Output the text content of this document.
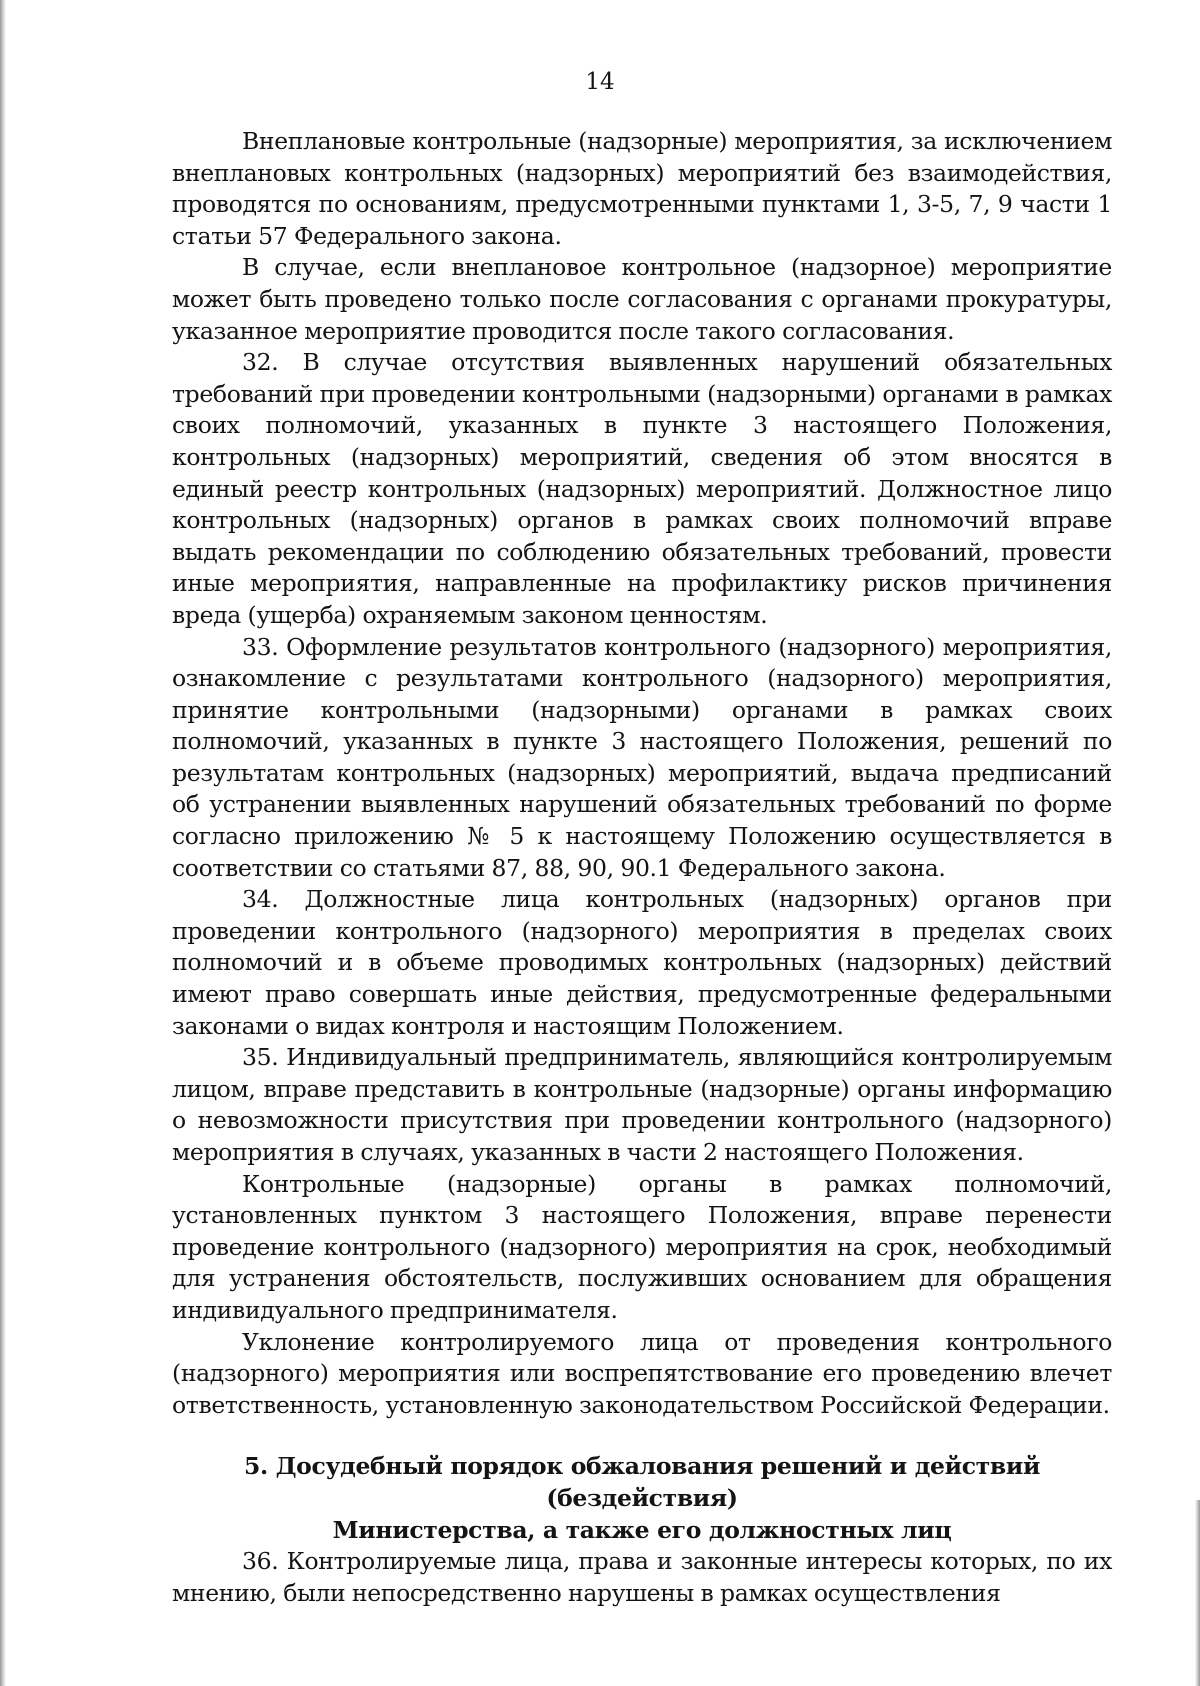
14

Внеплановые контрольные (надзорные) мероприятия, за исключением внеплановых контрольных (надзорных) мероприятий без взаимодействия, проводятся по основаниям, предусмотренными пунктами 1, 3-5, 7, 9 части 1 статьи 57 Федерального закона.

В случае, если внеплановое контрольное (надзорное) мероприятие может быть проведено только после согласования с органами прокуратуры, указанное мероприятие проводится после такого согласования.

32. В случае отсутствия выявленных нарушений обязательных требований при проведении контрольными (надзорными) органами в рамках своих полномочий, указанных в пункте 3 настоящего Положения, контрольных (надзорных) мероприятий, сведения об этом вносятся в единый реестр контрольных (надзорных) мероприятий. Должностное лицо контрольных (надзорных) органов в рамках своих полномочий вправе выдать рекомендации по соблюдению обязательных требований, провести иные мероприятия, направленные на профилактику рисков причинения вреда (ущерба) охраняемым законом ценностям.

33. Оформление результатов контрольного (надзорного) мероприятия, ознакомление с результатами контрольного (надзорного) мероприятия, принятие контрольными (надзорными) органами в рамках своих полномочий, указанных в пункте 3 настоящего Положения, решений по результатам контрольных (надзорных) мероприятий, выдача предписаний об устранении выявленных нарушений обязательных требований по форме согласно приложению № 5 к настоящему Положению осуществляется в соответствии со статьями 87, 88, 90, 90.1 Федерального закона.

34. Должностные лица контрольных (надзорных) органов при проведении контрольного (надзорного) мероприятия в пределах своих полномочий и в объеме проводимых контрольных (надзорных) действий имеют право совершать иные действия, предусмотренные федеральными законами о видах контроля и настоящим Положением.

35. Индивидуальный предприниматель, являющийся контролируемым лицом, вправе представить в контрольные (надзорные) органы информацию о невозможности присутствия при проведении контрольного (надзорного) мероприятия в случаях, указанных в части 2 настоящего Положения.

Контрольные (надзорные) органы в рамках полномочий, установленных пунктом 3 настоящего Положения, вправе перенести проведение контрольного (надзорного) мероприятия на срок, необходимый для устранения обстоятельств, послуживших основанием для обращения индивидуального предпринимателя.

Уклонение контролируемого лица от проведения контрольного (надзорного) мероприятия или воспрепятствование его проведению влечет ответственность, установленную законодательством Российской Федерации.

5. Досудебный порядок обжалования решений и действий (бездействия)
Министерства, а также его должностных лиц

36. Контролируемые лица, права и законные интересы которых, по их мнению, были непосредственно нарушены в рамках осуществления
